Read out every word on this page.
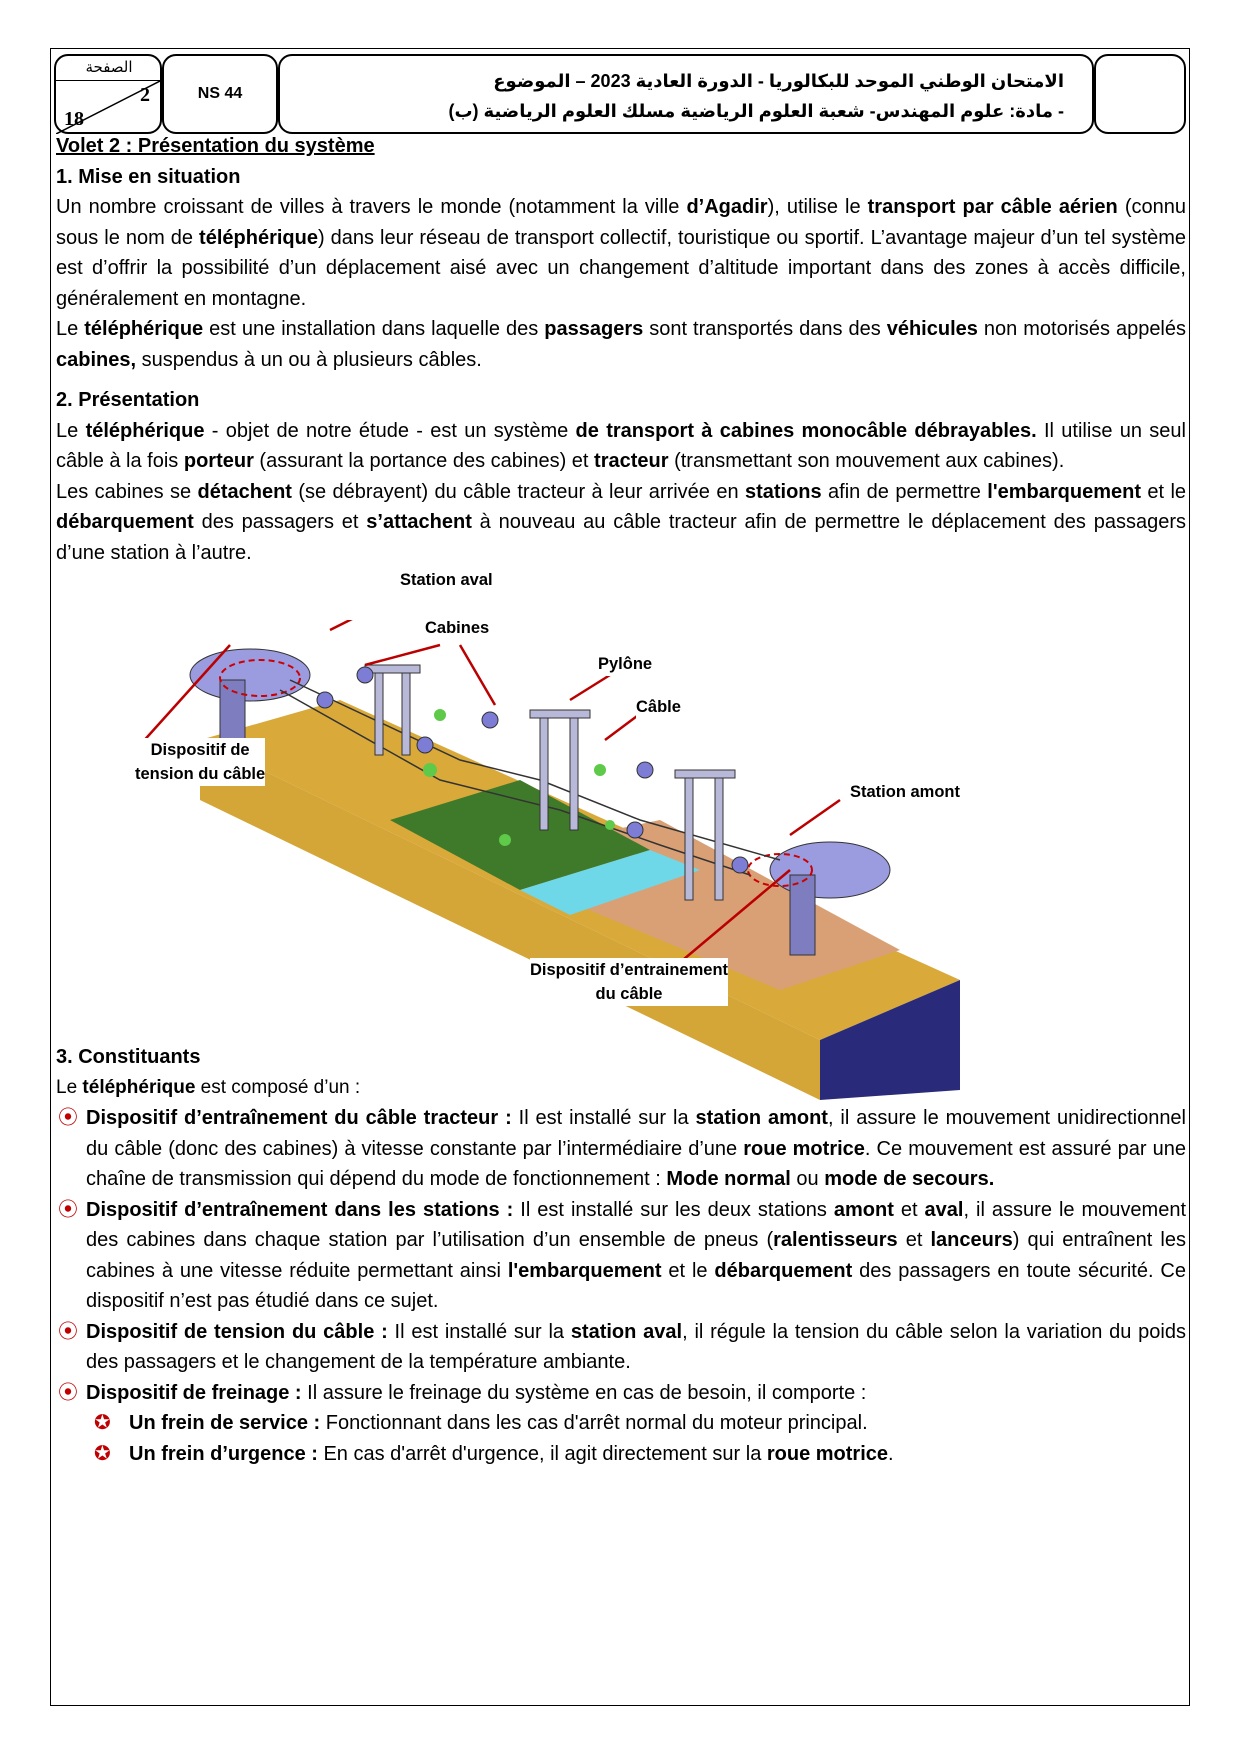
الصفحة
2
18
NS 44
الامتحان الوطني الموحد للبكالوريا - الدورة العادية 2023 – الموضوع
- مادة: علوم المهندس- شعبة العلوم الرياضية مسلك العلوم الرياضية (ب)
Volet 2 : Présentation du système
1. Mise en situation

Un nombre croissant de villes à travers le monde (notamment la ville d’Agadir), utilise le transport par câble aérien (connu sous le nom de téléphérique) dans leur réseau de transport collectif, touristique ou sportif. L’avantage majeur d’un tel système est d’offrir la possibilité d’un déplacement aisé avec un changement d’altitude important dans des zones à accès difficile, généralement en montagne.

Le téléphérique est une installation dans laquelle des passagers sont transportés dans des véhicules non motorisés appelés cabines, suspendus à un ou à plusieurs câbles.

2. Présentation

Le téléphérique - objet de notre étude - est un système de transport à cabines monocâble débrayables. Il utilise un seul câble à la fois porteur (assurant la portance des cabines) et tracteur (transmettant son mouvement aux cabines).

Les cabines se détachent (se débrayent) du câble tracteur à leur arrivée en stations afin de permettre l'embarquement et le débarquement des passagers et s’attachent à nouveau au câble tracteur afin de permettre le déplacement des passagers d’une station à l’autre.

Station aval
Cabines
Pylône
Câble
Dispositif de
tension du câble
Station amont
Dispositif d’entrainement
du câble
3. Constituants

Le téléphérique est composé d’un :

⦿ Dispositif d’entraînement du câble tracteur : Il est installé sur la station amont, il assure le mouvement unidirectionnel du câble (donc des cabines) à vitesse constante par l’intermédiaire d’une roue motrice. Ce mouvement est assuré par une chaîne de transmission qui dépend du mode de fonctionnement : Mode normal ou mode de secours.
⦿ Dispositif d’entraînement dans les stations : Il est installé sur les deux stations amont et aval, il assure le mouvement des cabines dans chaque station par l’utilisation d’un ensemble de pneus (ralentisseurs et lanceurs) qui entraînent les cabines à une vitesse réduite permettant ainsi l'embarquement et le débarquement des passagers en toute sécurité. Ce dispositif n’est pas étudié dans ce sujet.
⦿ Dispositif de tension du câble : Il est installé sur la station aval, il régule la tension du câble selon la variation du poids des passagers et le changement de la température ambiante.
⦿ Dispositif de freinage : Il assure le freinage du système en cas de besoin, il comporte :
✪ Un frein de service : Fonctionnant dans les cas d'arrêt normal du moteur principal.
✪ Un frein d’urgence : En cas d'arrêt d'urgence, il agit directement sur la roue motrice.
